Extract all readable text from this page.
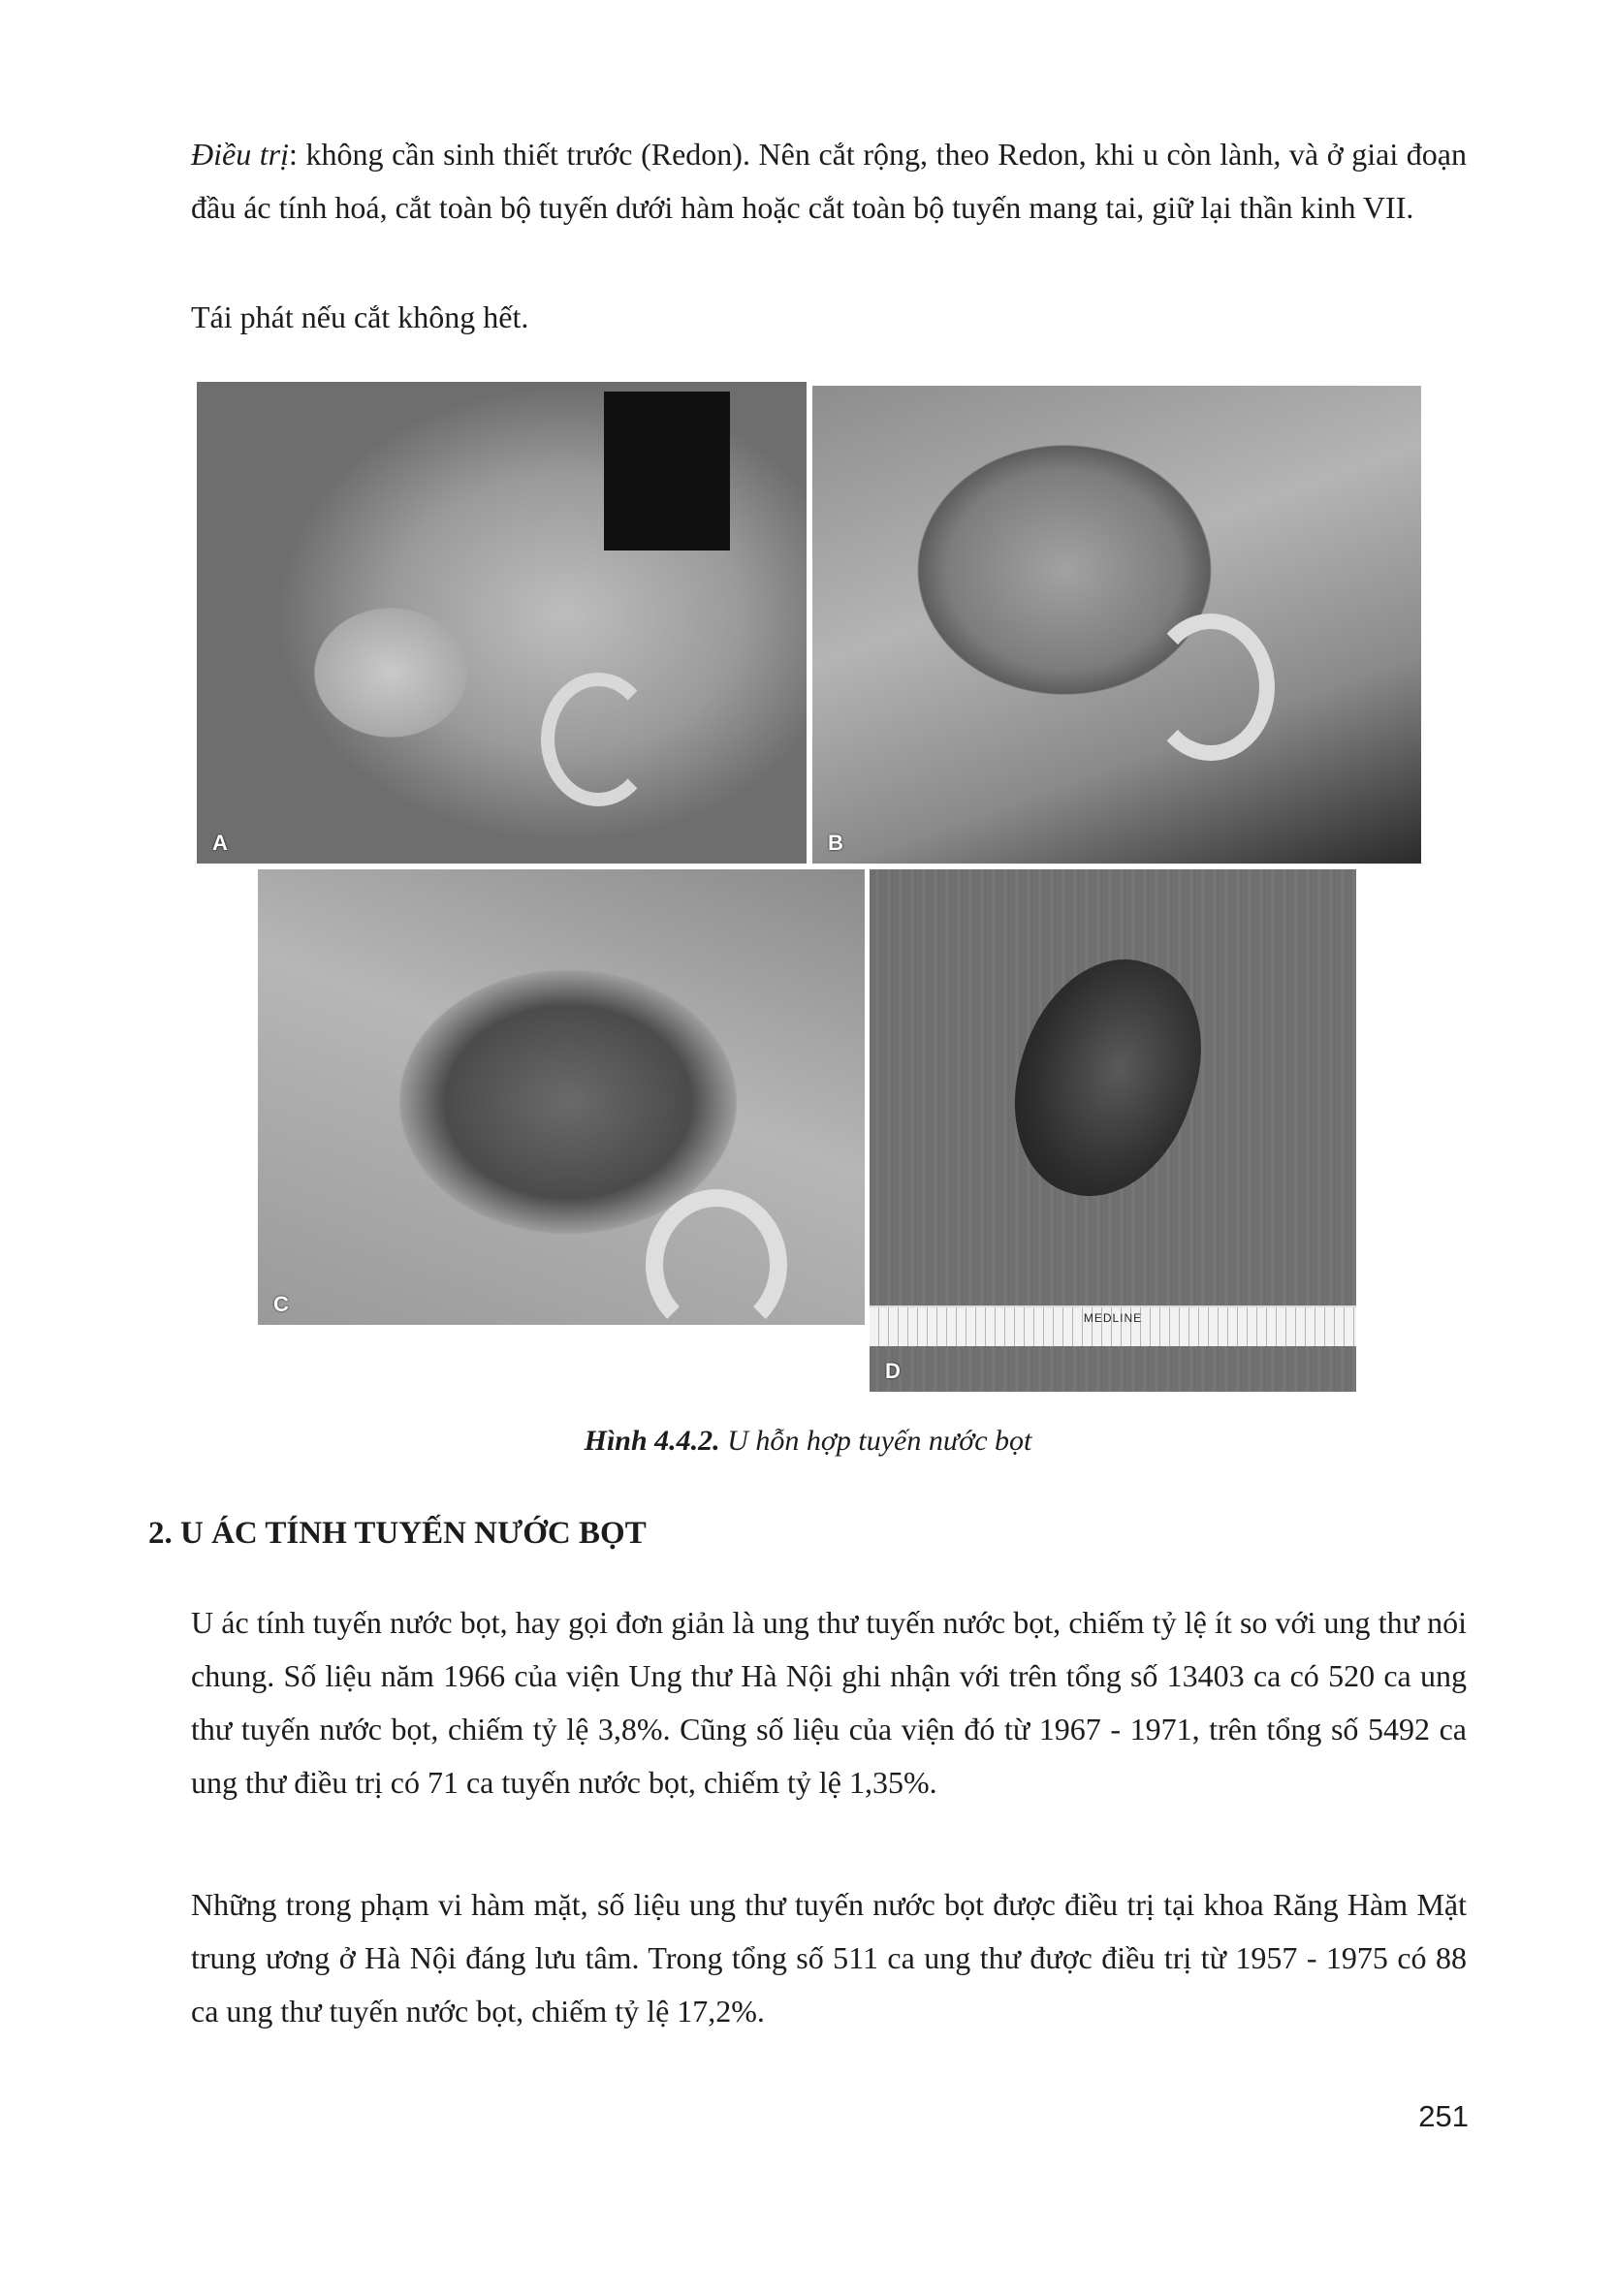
Điều trị: không cần sinh thiết trước (Redon). Nên cắt rộng, theo Redon, khi u còn lành, và ở giai đoạn đầu ác tính hoá, cắt toàn bộ tuyến dưới hàm hoặc cắt toàn bộ tuyến mang tai, giữ lại thần kinh VII.

Tái phát nếu cắt không hết.

A	B
C
MEDLINE
D

Hình 4.4.2. U hỗn hợp tuyến nước bọt

2. U ÁC TÍNH TUYẾN NƯỚC BỌT

U ác tính tuyến nước bọt, hay gọi đơn giản là ung thư tuyến nước bọt, chiếm tỷ lệ ít so với ung thư nói chung. Số liệu năm 1966 của viện Ung thư Hà Nội ghi nhận với trên tổng số 13403 ca có 520 ca ung thư tuyến nước bọt, chiếm tỷ lệ 3,8%. Cũng số liệu của viện đó từ 1967 - 1971, trên tổng số 5492 ca ung thư điều trị có 71 ca tuyến nước bọt, chiếm tỷ lệ 1,35%.

Những trong phạm vi hàm mặt, số liệu ung thư tuyến nước bọt được điều trị tại khoa Răng Hàm Mặt trung ương ở Hà Nội đáng lưu tâm. Trong tổng số 511 ca ung thư được điều trị từ 1957 - 1975 có 88 ca ung thư tuyến nước bọt, chiếm tỷ lệ 17,2%.

251
